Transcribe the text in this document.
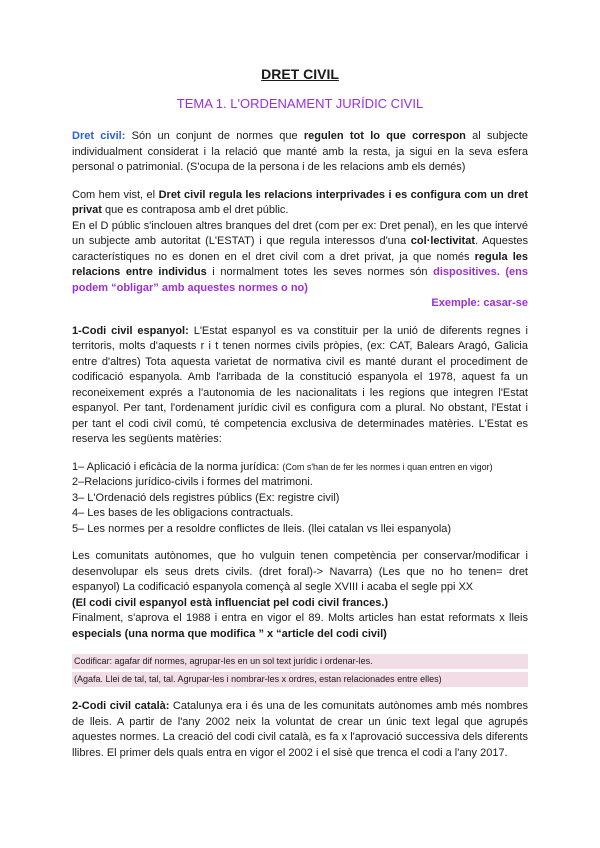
DRET CIVIL
TEMA 1. L'ORDENAMENT JURÍDIC CIVIL

Dret civil: Són un conjunt de normes que regulen tot lo que correspon al subjecte individualment considerat i la relació que manté amb la resta, ja sigui en la seva esfera personal o patrimonial. (S'ocupa de la persona i de les relacions amb els demés)

Com hem vist, el Dret civil regula les relacions interprivades i es configura com un dret privat que es contraposa amb el dret públic.

En el D públic s'inclouen altres branques del dret (com per ex: Dret penal), en les que intervé un subjecte amb autoritat (L'ESTAT) i que regula interessos d'una col·lectivitat. Aquestes característiques no es donen en el dret civil com a dret privat, ja que només regula les relacions entre individus i normalment totes les seves normes són dispositives. (ens podem “obligar” amb aquestes normes o no)

Exemple: casar-se

1-Codi civil espanyol: L'Estat espanyol es va constituir per la unió de diferents regnes i territoris, molts d'aquests r i t tenen normes civils pròpies, (ex: CAT, Balears Aragó, Galicia entre d'altres) Tota aquesta varietat de normativa civil es manté durant el procediment de codificació espanyola. Amb l'arribada de la constitució espanyola el 1978, aquest fa un reconeixement exprés a l'autonomia de les nacionalitats i les regions que integren l'Estat espanyol. Per tant, l'ordenament jurídic civil es configura com a plural. No obstant, l'Estat i per tant el codi civil comú, té competencia exclusiva de determinades matèries. L'Estat es reserva les següents matèries:

1– Aplicació i eficàcia de la norma jurídica: (Com s'han de fer les normes i quan entren en vigor)
2–Relacions jurídico-civils i formes del matrimoni.
3– L'Ordenació dels registres públics (Ex: registre civil)
4– Les bases de les obligacions contractuals.
5– Les normes per a resoldre conflictes de lleis. (llei catalan vs llei espanyola)

Les comunitats autònomes, que ho vulguin tenen competència per conservar/modificar i desenvolupar els seus drets civils. (dret foral)-> Navarra) (Les que no ho tenen= dret espanyol) La codificació espanyola començà al segle XVIII i acaba el segle ppi XX
(El codi civil espanyol està influenciat pel codi civil frances.)

Finalment, s'aprova el 1988 i entra en vigor el 89. Molts articles han estat reformats x lleis especials (una norma que modifica ” x “article del codi civil)

Codificar: agafar dif normes, agrupar-les en un sol text jurídic i ordenar-les.
(Agafa. Llei de tal, tal, tal. Agrupar-les i nombrar-les x ordres, estan relacionades entre elles)

2-Codi civil català: Catalunya era i és una de les comunitats autònomes amb més nombres de lleis. A partir de l'any 2002 neix la voluntat de crear un únic text legal que agrupés aquestes normes. La creació del codi civil català, es fa x l'aprovació successiva dels diferents llibres. El primer dels quals entra en vigor el 2002 i el sisè que trenca el codi a l'any 2017.
